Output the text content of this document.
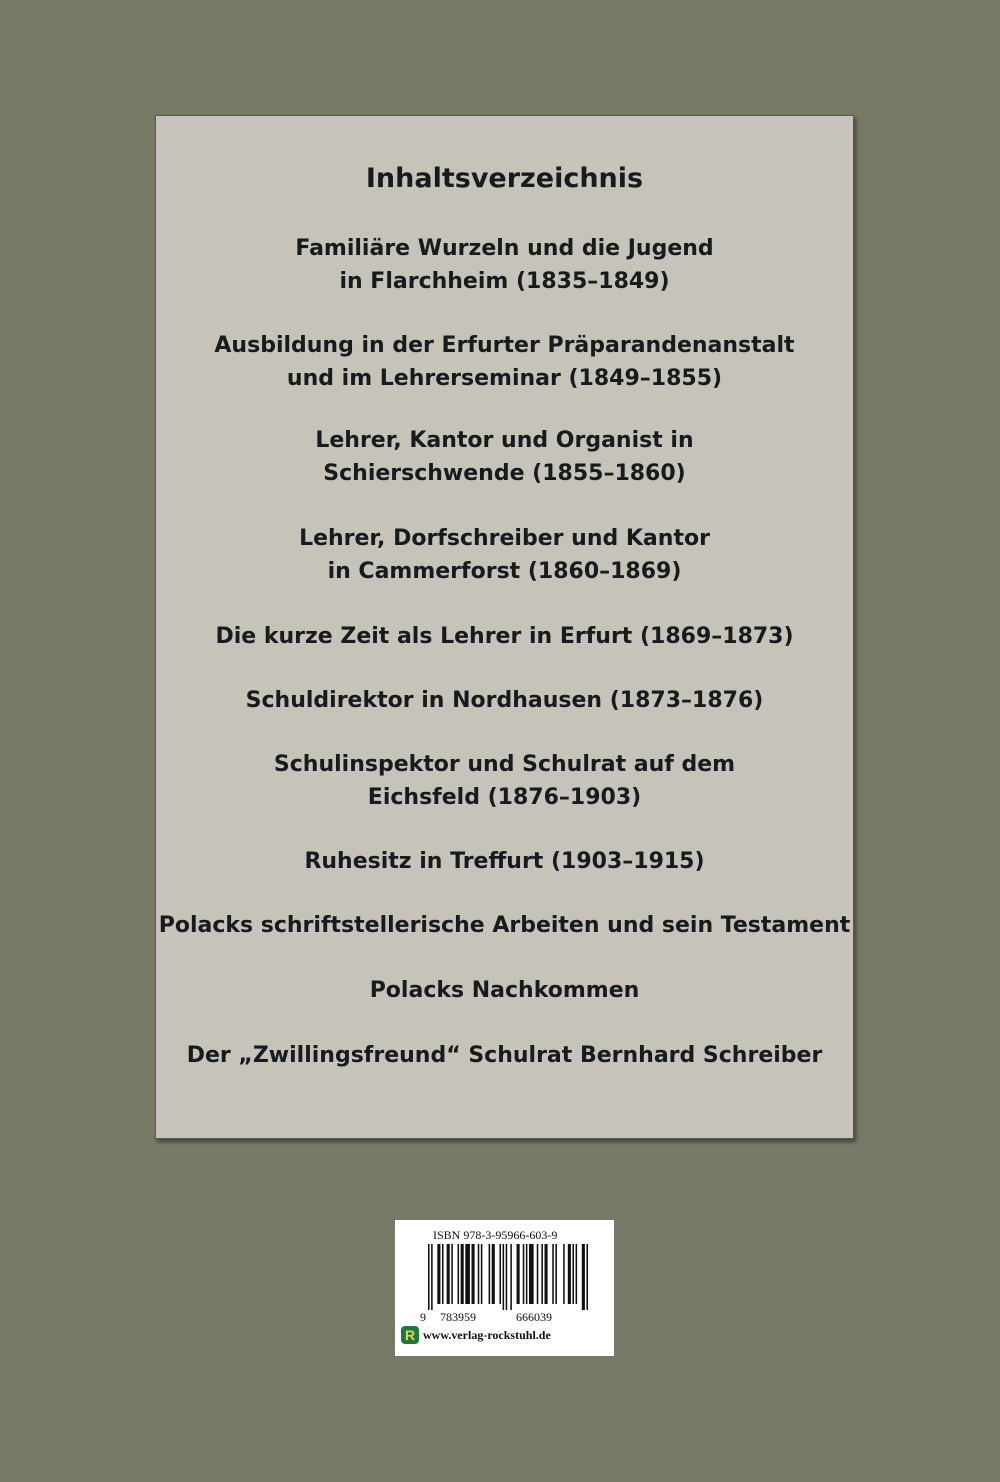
Inhaltsverzeichnis
Familiäre Wurzeln und die Jugend
in Flarchheim (1835–1849)
Ausbildung in der Erfurter Präparandenanstalt
und im Lehrerseminar (1849–1855)
Lehrer, Kantor und Organist in
Schierschwende (1855–1860)
Lehrer, Dorfschreiber und Kantor
in Cammerforst (1860–1869)
Die kurze Zeit als Lehrer in Erfurt (1869–1873)
Schuldirektor in Nordhausen (1873–1876)
Schulinspektor und Schulrat auf dem
Eichsfeld (1876–1903)
Ruhesitz in Treffurt (1903–1915)
Polacks schriftstellerische Arbeiten und sein Testament
Polacks Nachkommen
Der „Zwillingsfreund“ Schulrat Bernhard Schreiber
ISBN 978-3-95966-603-9
9 783959	666039
R www.verlag-rockstuhl.de
